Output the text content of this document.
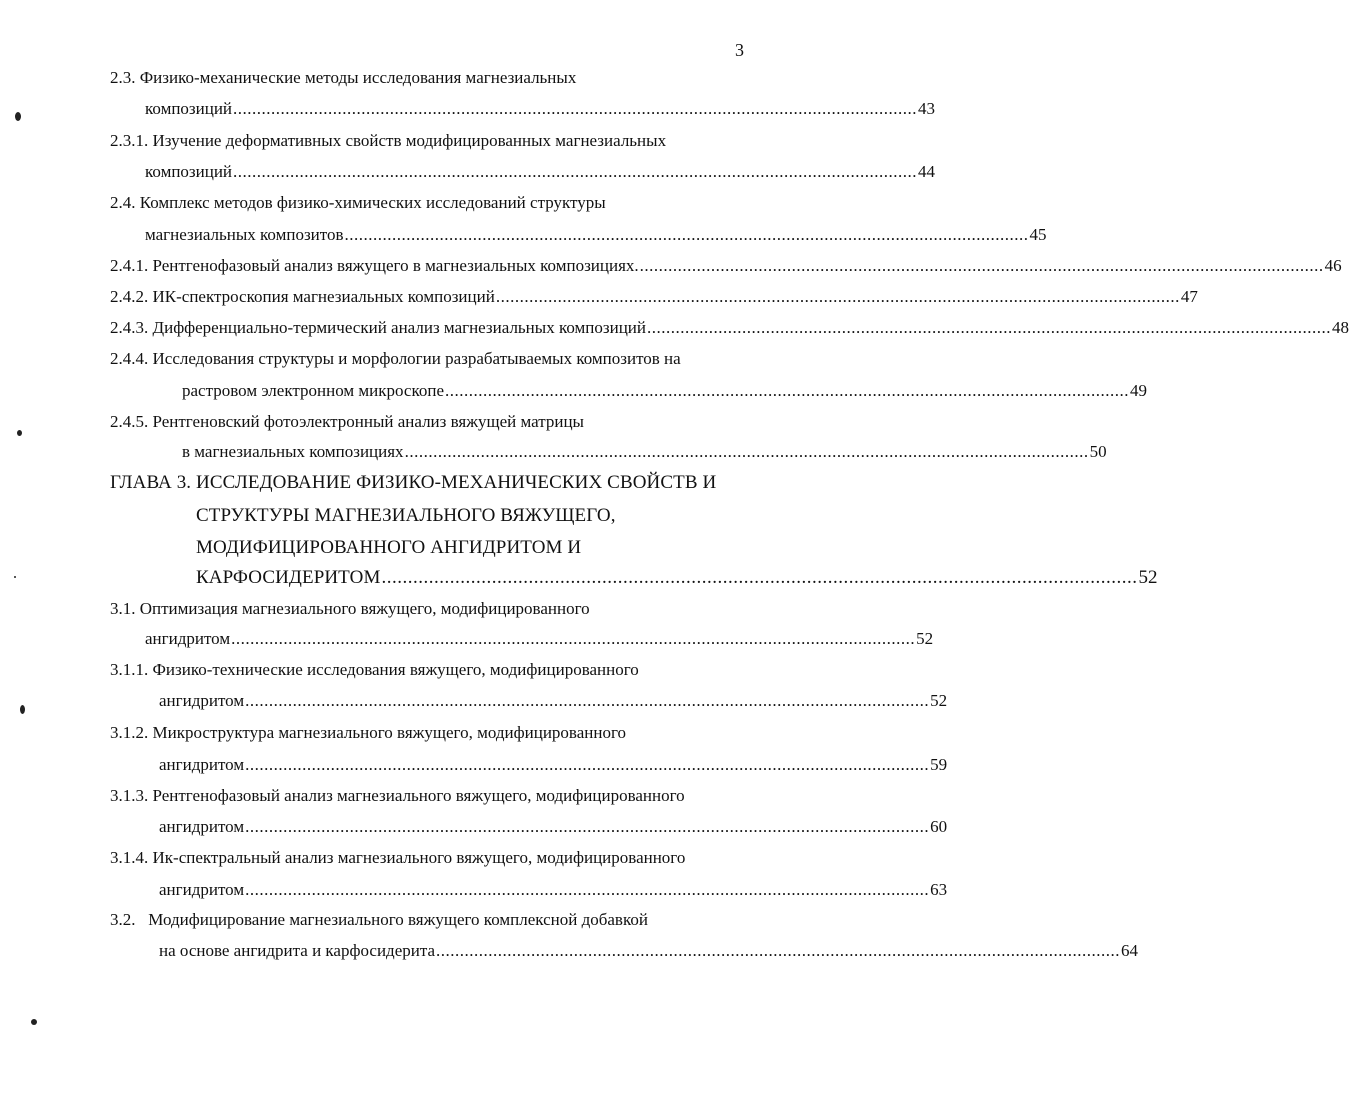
3
2.3. Физико-механические методы исследования магнезиальных
композиций ................................................................................................................................................ 43
2.3.1. Изучение деформативных свойств модифицированных магнезиальных
композиций ................................................................................................................................................ 44
2.4. Комплекс методов физико-химических исследований структуры
магнезиальных композитов ................................................................................................................................................ 45
2.4.1. Рентгенофазовый анализ вяжущего в магнезиальных композициях. ................................................................................................................................................ 46
2.4.2. ИК-спектроскопия магнезиальных композиций ................................................................................................................................................ 47
2.4.3. Дифференциально-термический анализ магнезиальных композиций ................................................................................................................................................ 48
2.4.4. Исследования структуры и морфологии разрабатываемых композитов на
растровом электронном микроскопе ................................................................................................................................................ 49
2.4.5. Рентгеновский фотоэлектронный анализ вяжущей матрицы
в магнезиальных композициях ................................................................................................................................................ 50
ГЛАВА 3. ИССЛЕДОВАНИЕ ФИЗИКО-МЕХАНИЧЕСКИХ СВОЙСТВ И
СТРУКТУРЫ МАГНЕЗИАЛЬНОГО ВЯЖУЩЕГО,
МОДИФИЦИРОВАННОГО АНГИДРИТОМ И
КАРФОСИДЕРИТОМ ................................................................................................................................................ 52
3.1. Оптимизация магнезиального вяжущего, модифицированного
ангидритом ................................................................................................................................................ 52
3.1.1. Физико-технические исследования вяжущего, модифицированного
ангидритом ................................................................................................................................................ 52
3.1.2. Микроструктура магнезиального вяжущего, модифицированного
ангидритом ................................................................................................................................................ 59
3.1.3. Рентгенофазовый анализ магнезиального вяжущего, модифицированного
ангидритом ................................................................................................................................................ 60
3.1.4. Ик-спектральный анализ магнезиального вяжущего, модифицированного
ангидритом ................................................................................................................................................ 63
3.2.   Модифицирование магнезиального вяжущего комплексной добавкой
на основе ангидрита и карфосидерита ................................................................................................................................................ 64
